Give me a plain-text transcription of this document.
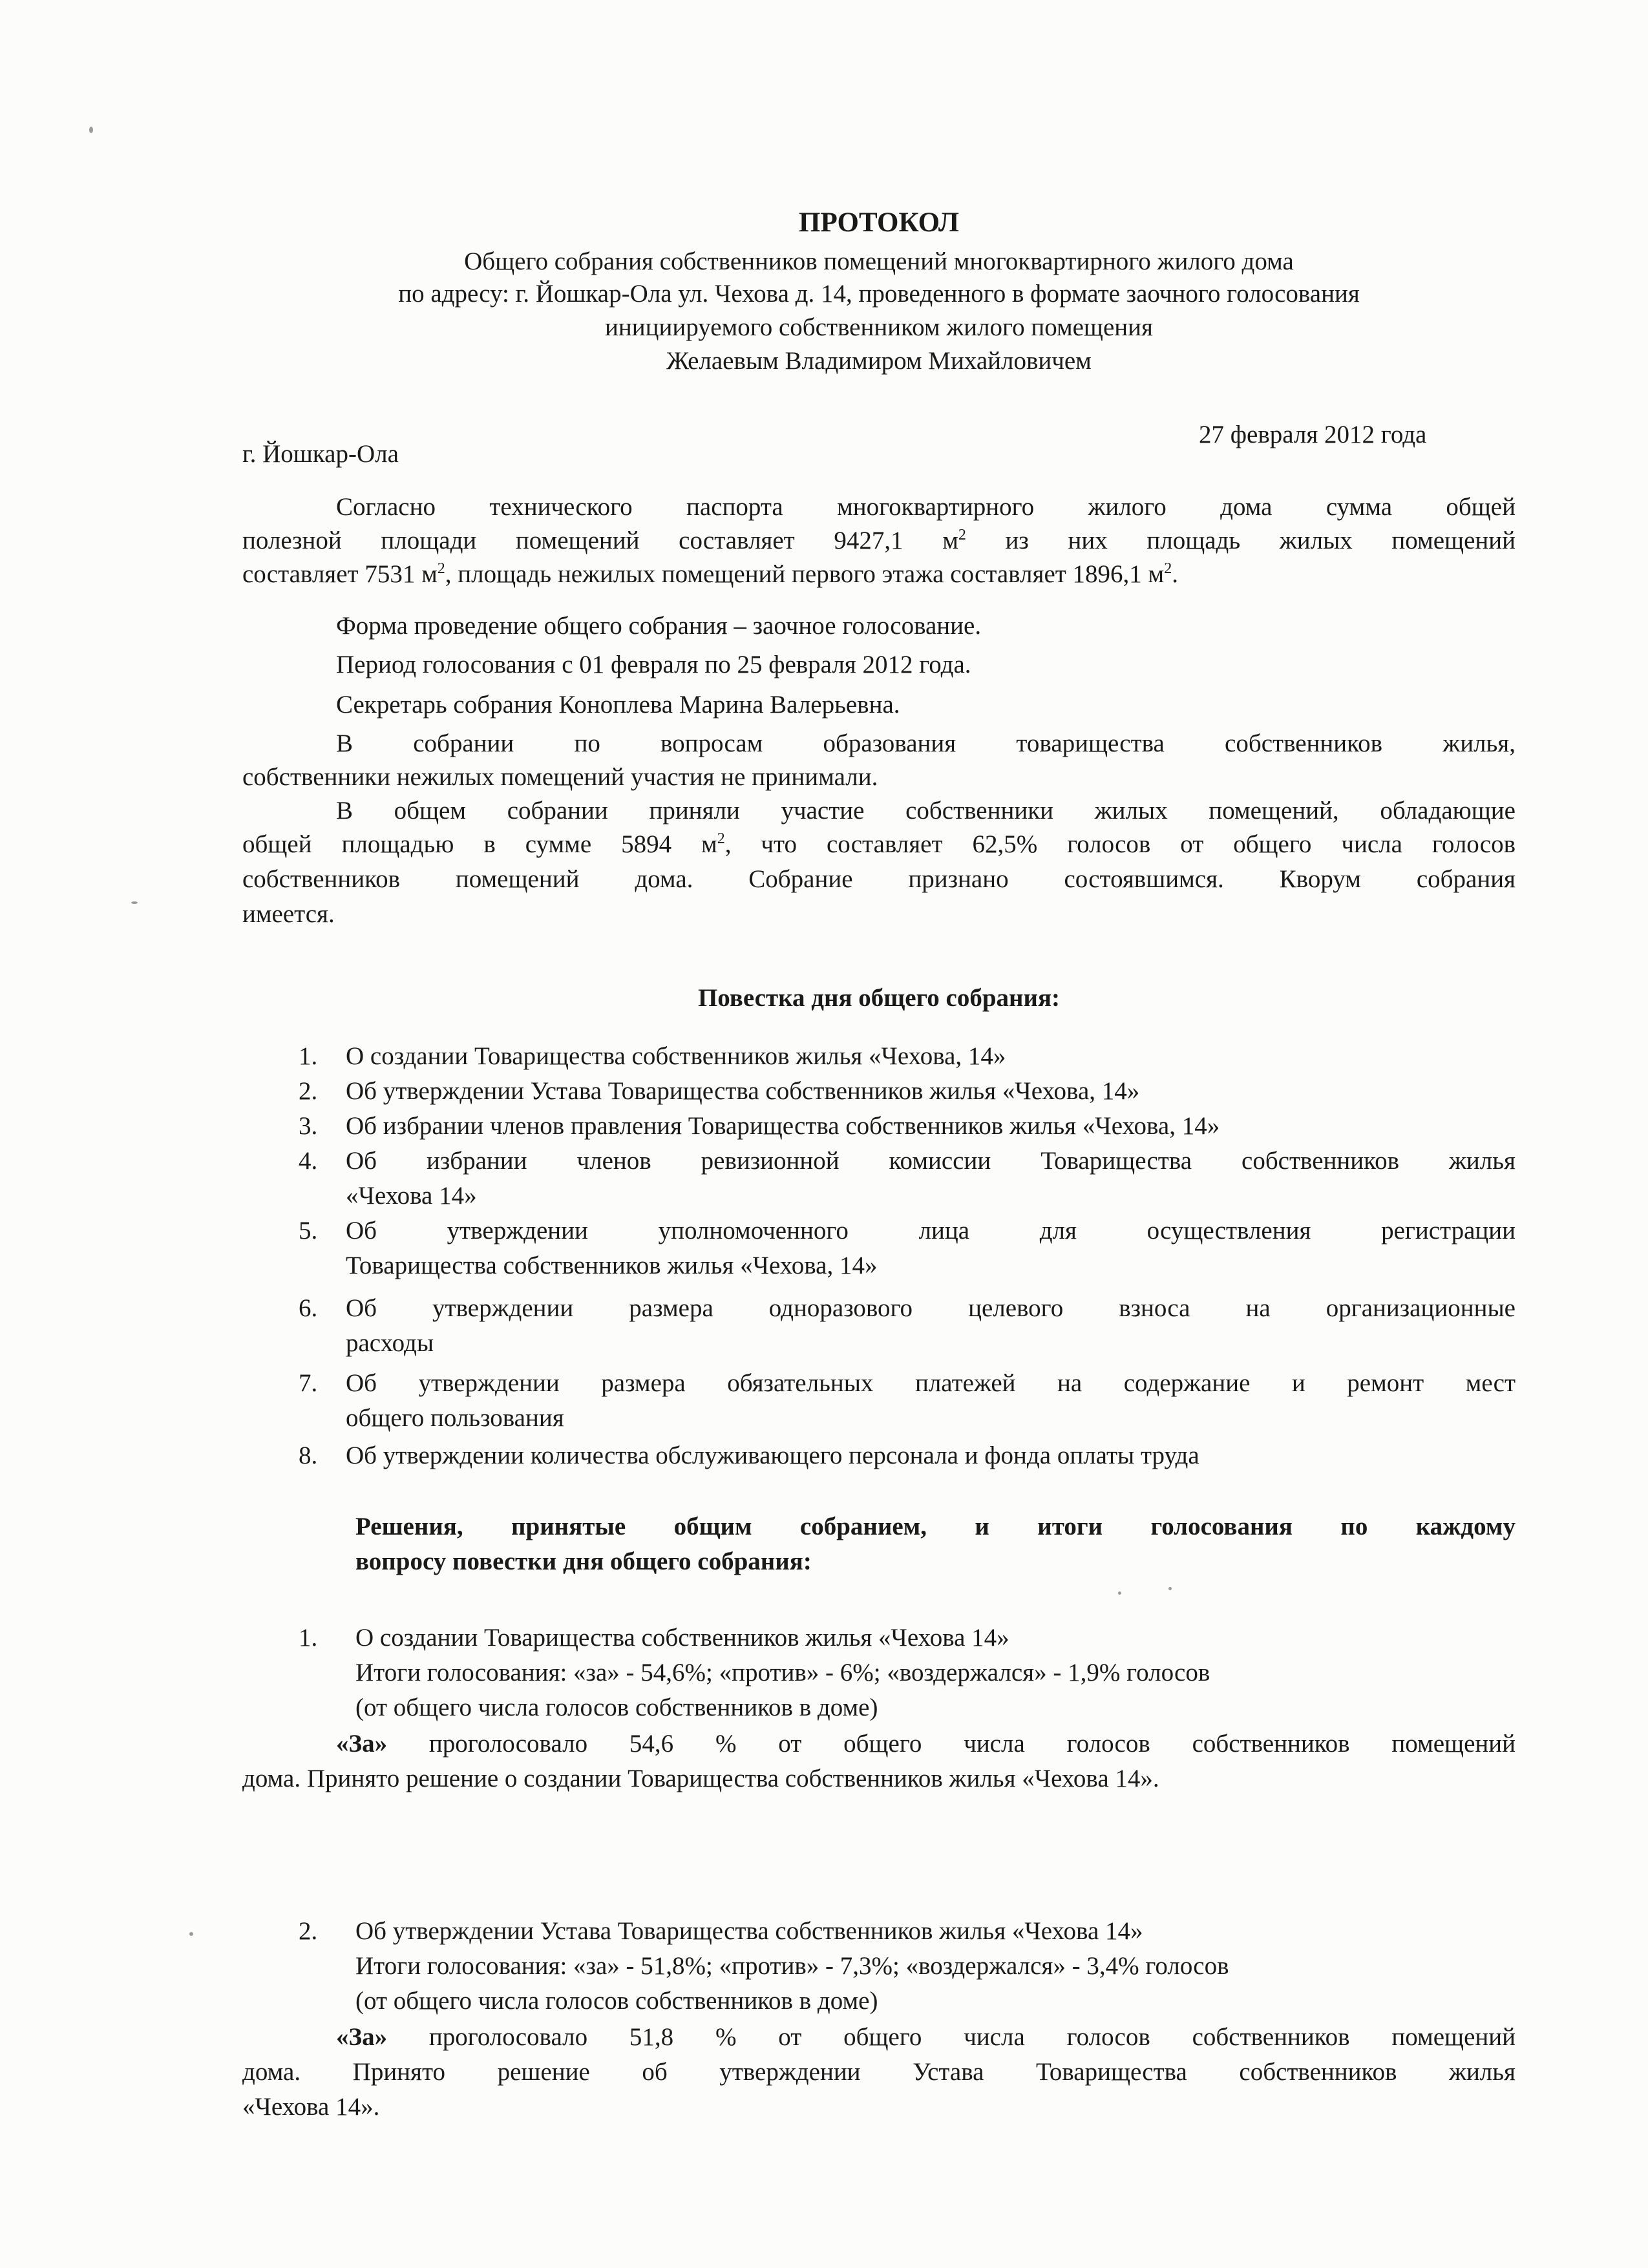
ПРОТОКОЛ
Общего собрания собственников помещений многоквартирного жилого дома
по адресу: г. Йошкар-Ола ул. Чехова д. 14, проведенного в формате заочного голосования
инициируемого собственником жилого помещения
Желаевым Владимиром Михайловичем
г. Йошкар-Ола
27 февраля 2012 года

Согласно технического паспорта многоквартирного жилого дома сумма общей

полезной площади помещений составляет 9427,1 $м^2$ из них площадь жилых помещений

составляет 7531 $м^2$, площадь нежилых помещений первого этажа составляет 1896,1 $м^2$.

Форма проведение общего собрания – заочное голосование.

Период голосования с 01 февраля по 25 февраля 2012 года.

Секретарь собрания Коноплева Марина Валерьевна.

В собрании по вопросам образования товарищества собственников жилья,

собственники нежилых помещений участия не принимали.

В общем собрании приняли участие собственники жилых помещений, обладающие

общей площадью в сумме 5894 $м^2$, что составляет 62,5% голосов от общего числа голосов

собственников помещений дома. Собрание признано состоявшимся. Кворум собрания

имеется.

Повестка дня общего собрания:
1. О создании Товарищества собственников жилья «Чехова, 14»

2. Об утверждении Устава Товарищества собственников жилья «Чехова, 14»

3. Об избрании членов правления Товарищества собственников жилья «Чехова, 14»

4. Об избрании членов ревизионной комиссии Товарищества собственников жилья

«Чехова 14»

5. Об утверждении уполномоченного лица для осуществления регистрации

Товарищества собственников жилья «Чехова, 14»

6. Об утверждении размера одноразового целевого взноса на организационные

расходы

7. Об утверждении размера обязательных платежей на содержание и ремонт мест

общего пользования

8. Об утверждении количества обслуживающего персонала и фонда оплаты труда

Решения, принятые общим собранием, и итоги голосования по каждому

вопросу повестки дня общего собрания:

1. О создании Товарищества собственников жилья «Чехова 14»

Итоги голосования: «за» - 54,6%; «против» - 6%; «воздержался» - 1,9% голосов

(от общего числа голосов собственников в доме)

«За» проголосовало 54,6 % от общего числа голосов собственников помещений

дома. Принято решение о создании Товарищества собственников жилья «Чехова 14».

2. Об утверждении Устава Товарищества собственников жилья «Чехова 14»

Итоги голосования: «за» - 51,8%; «против» - 7,3%; «воздержался» - 3,4% голосов

(от общего числа голосов собственников в доме)

«За» проголосовало 51,8 % от общего числа голосов собственников помещений

дома. Принято решение об утверждении Устава Товарищества собственников жилья

«Чехова 14».
